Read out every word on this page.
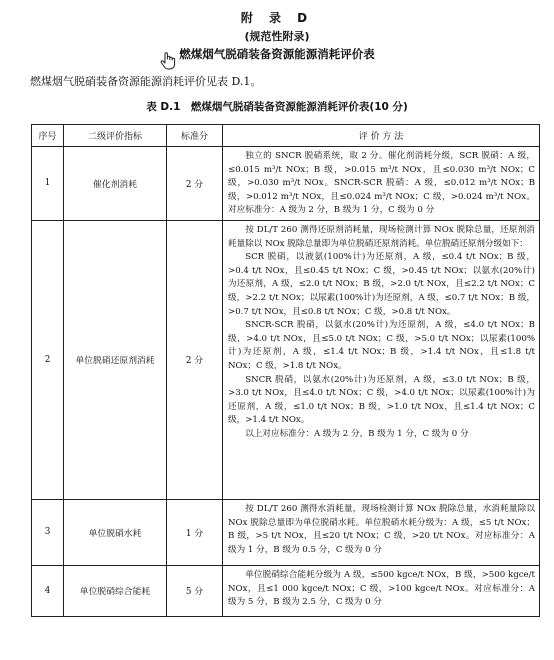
附 录 D
(规范性附录)
燃煤烟气脱硝装备资源能源消耗评价表
燃煤烟气脱硝装备资源能源消耗评价见表 D.1。
表 D.1　燃煤烟气脱硝装备资源能源消耗评价表(10 分)
序号	二级评价指标	标准分	评 价 方 法
1	催化剂消耗	2 分	独立的 SNCR 脱硝系统，取 2 分。催化剂消耗分级，SCR 脱硝：A 级，≤0.015 m³/t NOx；B 级，>0.015 m³/t NOx，且≤0.030 m³/t NOx；C 级，>0.030 m³/t NOx。SNCR-SCR 脱硝：A 级，≤0.012 m³/t NOx；B 级，>0.012 m³/t NOx，且≤0.024 m³/t NOx；C 级，>0.024 m³/t NOx。对应标准分：A 级为 2 分，B 级为 1 分，C 级为 0 分

2	单位脱硝还原剂消耗	2 分	按 DL/T 260 测得还原剂消耗量，现场检测计算 NOx 脱除总量，还原剂消耗量除以 NOx 脱除总量即为单位脱硝还原剂消耗。单位脱硝还原剂分级如下：

SCR 脱硝，以液氨(100%计)为还原剂，A 级，≤0.4 t/t NOx；B 级，>0.4 t/t NOx，且≤0.45 t/t NOx；C 级，>0.45 t/t NOx；以氨水(20%计)为还原剂，A 级，≤2.0 t/t NOx；B 级，>2.0 t/t NOx，且≤2.2 t/t NOx；C 级，>2.2 t/t NOx；以尿素(100%计)为还原剂，A 级，≤0.7 t/t NOx；B 级，>0.7 t/t NOx，且≤0.8 t/t NOx；C 级，>0.8 t/t NOx。

SNCR-SCR 脱硝，以氨水(20%计)为还原剂，A 级，≤4.0 t/t NOx；B 级，>4.0 t/t NOx，且≤5.0 t/t NOx；C 级，>5.0 t/t NOx；以尿素(100%计)为还原剂，A 级，≤1.4 t/t NOx；B 级，>1.4 t/t NOx，且≤1.8 t/t NOx；C 级，>1.8 t/t NOx。

SNCR 脱硝，以氨水(20%计)为还原剂，A 级，≤3.0 t/t NOx；B 级，>3.0 t/t NOx，且≤4.0 t/t NOx；C 级，>4.0 t/t NOx；以尿素(100%计)为还原剂，A 级，≤1.0 t/t NOx；B 级，>1.0 t/t NOx，且≤1.4 t/t NOx；C 级，>1.4 t/t NOx。

以上对应标准分：A 级为 2 分，B 级为 1 分，C 级为 0 分

3	单位脱硝水耗	1 分	按 DL/T 260 测得水消耗量，现场检测计算 NOx 脱除总量，水消耗量除以 NOx 脱除总量即为单位脱硝水耗。单位脱硝水耗分级为：A 级，≤5 t/t NOx；B 级，>5 t/t NOx，且≤20 t/t NOx；C 级，>20 t/t NOx。对应标准分：A 级为 1 分，B 级为 0.5 分，C 级为 0 分

4	单位脱硝综合能耗	5 分	单位脱硝综合能耗分级为 A 级，≤500 kgce/t NOx，B 级，>500 kgce/t NOx，且≤1 000 kgce/t NOx；C 级，>100 kgce/t NOx。对应标准分：A 级为 5 分，B 级为 2.5 分，C 级为 0 分
